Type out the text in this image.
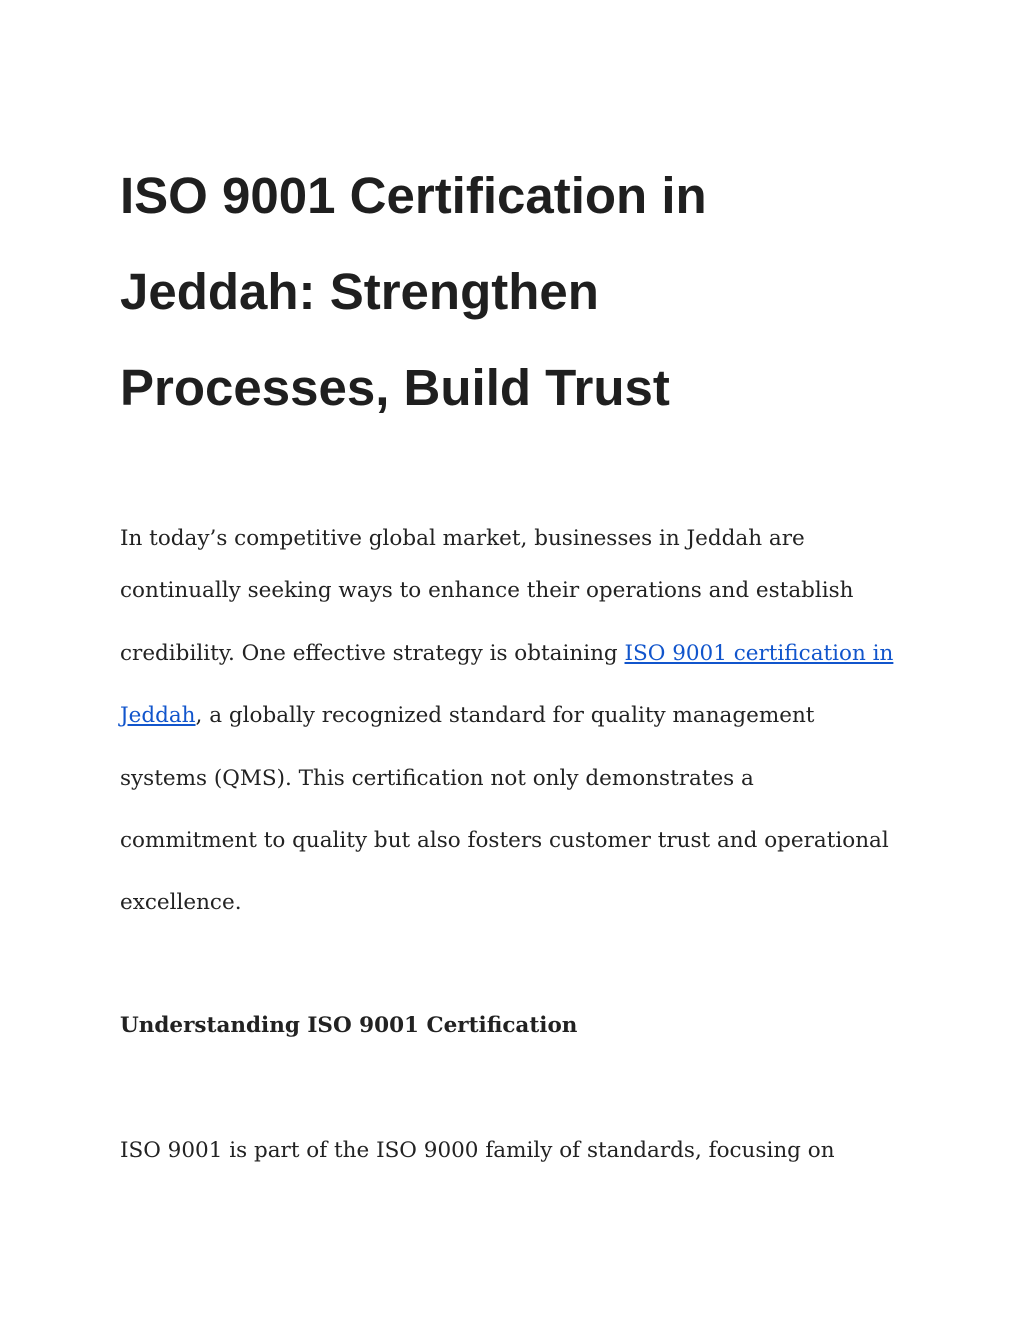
ISO 9001 Certification in
Jeddah: Strengthen
Processes, Build Trust
In today’s competitive global market, businesses in Jeddah are
continually seeking ways to enhance their operations and establish
credibility. One effective strategy is obtaining ISO 9001 certification in
Jeddah, a globally recognized standard for quality management
systems (QMS). This certification not only demonstrates a
commitment to quality but also fosters customer trust and operational
excellence.
Understanding ISO 9001 Certification

ISO 9001 is part of the ISO 9000 family of standards, focusing on
